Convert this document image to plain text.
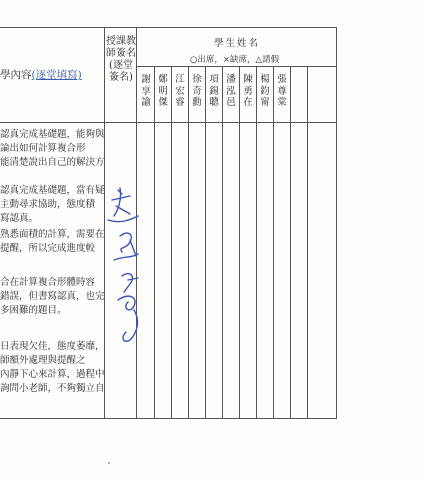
學內容(逐堂填寫)
授課教師簽名(逐堂簽名)
學生姓名
○出席，×缺席，△請假
謝享諭
鄭明傑
江宏睿
徐奇勳
項錫聰
潘泓邑
陳勇在
楊鈞甯
張尊棠
認真完成基礎題，能夠與
論出如何計算複合形
能清楚說出自己的解決方
認真完成基礎題，當有疑
主動尋求協助，態度積
寫認真。
熟悉面積的計算，需要在
提醒，所以完成進度較
合在計算複合形體時容
錯誤，但書寫認真，也完
多困難的題目。
日表現欠佳，態度萎靡，
師額外處理與提醒之
內靜下心來計算，過程中
詢問小老師，不夠獨立自
